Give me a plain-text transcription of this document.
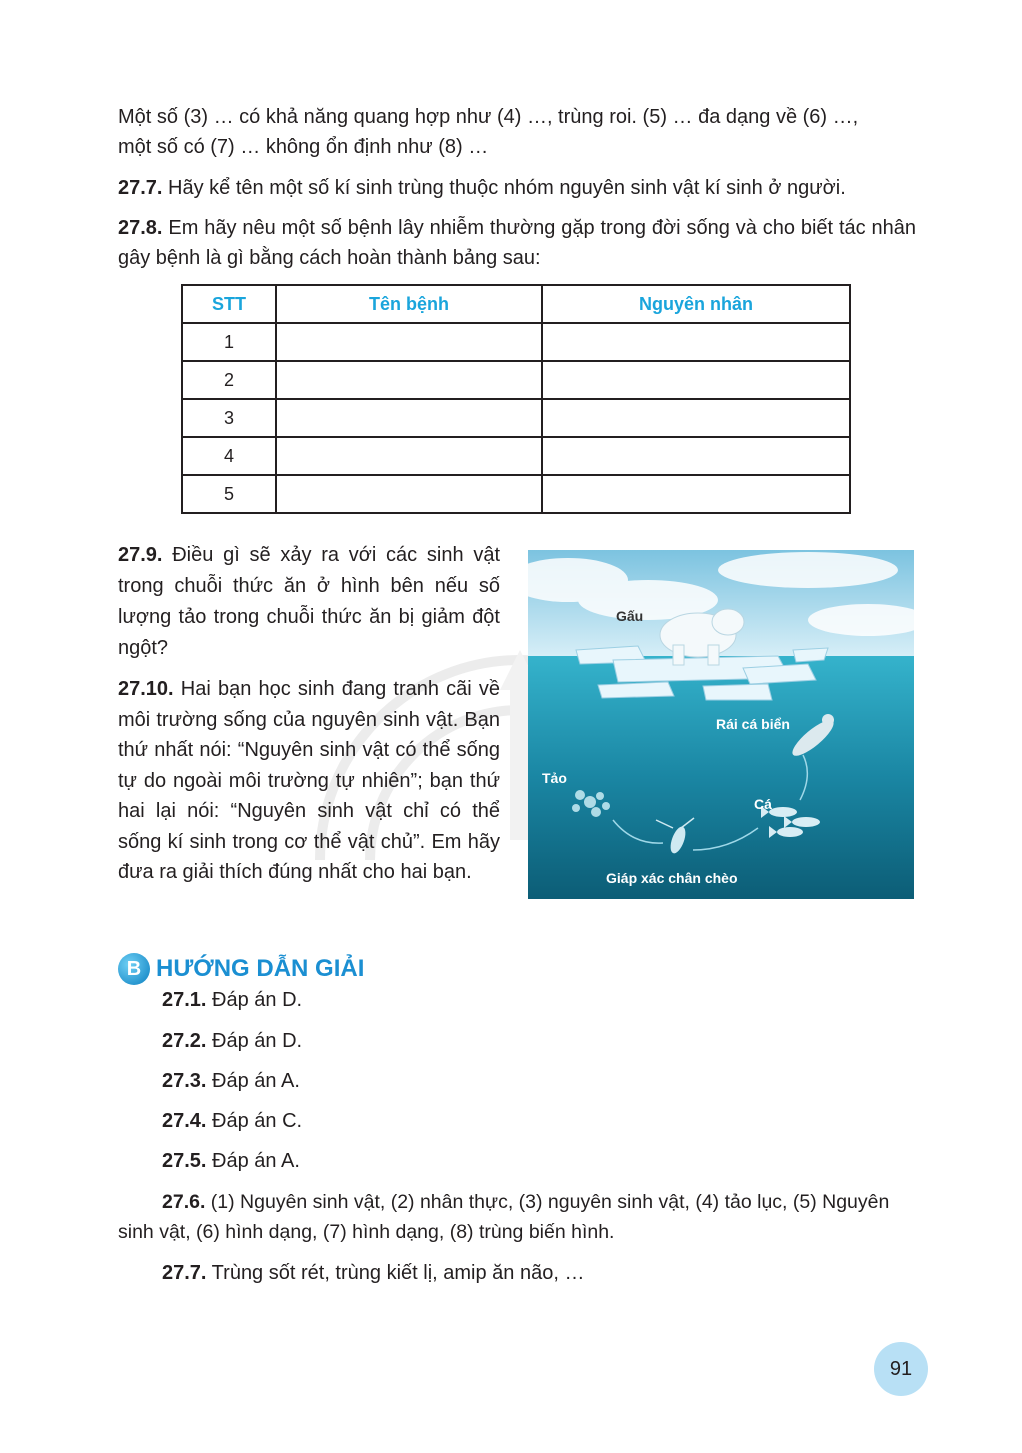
Một số (3) … có khả năng quang hợp như (4) …, trùng roi. (5) … đa dạng về (6) …,
một số có (7) … không ổn định như (8) …

27.7. Hãy kể tên một số kí sinh trùng thuộc nhóm nguyên sinh vật kí sinh ở người.

27.8. Em hãy nêu một số bệnh lây nhiễm thường gặp trong đời sống và cho biết tác nhân gây bệnh là gì bằng cách hoàn thành bảng sau:

STT	Tên bệnh	Nguyên nhân
1		
2		
3		
4		
5		
27.9. Điều gì sẽ xảy ra với các sinh vật trong chuỗi thức ăn ở hình bên nếu số lượng tảo trong chuỗi thức ăn bị giảm đột ngột?
27.10. Hai bạn học sinh đang tranh cãi về môi trường sống của nguyên sinh vật. Bạn thứ nhất nói: “Nguyên sinh vật có thể sống tự do ngoài môi trường tự nhiên”; bạn thứ hai lại nói: “Nguyên sinh vật chỉ có thể sống kí sinh trong cơ thể vật chủ”. Em hãy đưa ra giải thích đúng nhất cho hai bạn.
Gấu
Rái cá biển
Tảo
Cá
Giáp xác chân chèo
B HƯỚNG DẪN GIẢI

27.1. Đáp án D.

27.2. Đáp án D.

27.3. Đáp án A.

27.4. Đáp án C.

27.5. Đáp án A.

27.6. (1) Nguyên sinh vật, (2) nhân thực, (3) nguyên sinh vật, (4) tảo lục, (5) Nguyên
sinh vật, (6) hình dạng, (7) hình dạng, (8) trùng biến hình.

27.7. Trùng sốt rét, trùng kiết lị, amip ăn não, …

91
